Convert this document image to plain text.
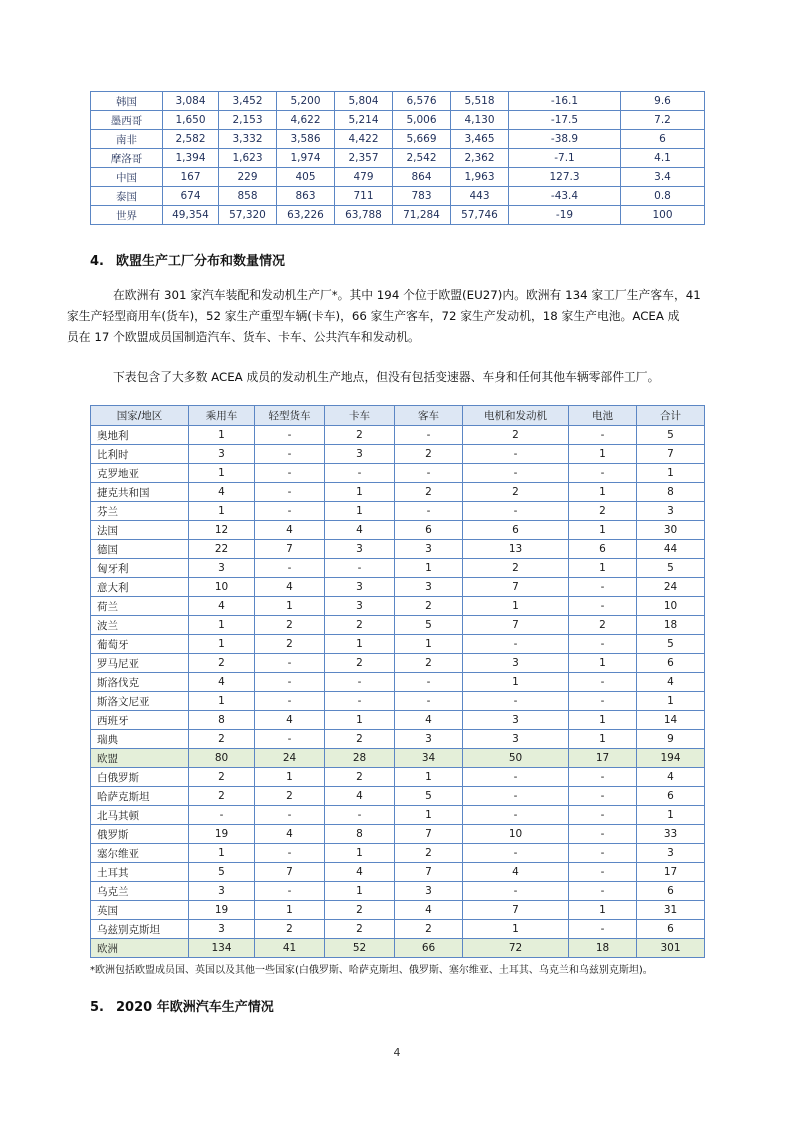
韩国	3,084	3,452	5,200	5,804	6,576	5,518	-16.1	9.6
墨西哥	1,650	2,153	4,622	5,214	5,006	4,130	-17.5	7.2
南非	2,582	3,332	3,586	4,422	5,669	3,465	-38.9	6
摩洛哥	1,394	1,623	1,974	2,357	2,542	2,362	-7.1	4.1
中国	167	229	405	479	864	1,963	127.3	3.4
泰国	674	858	863	711	783	443	-43.4	0.8
世界	49,354	57,320	63,226	63,788	71,284	57,746	-19	100
4. 欧盟生产工厂分布和数量情况
在欧洲有 301 家汽车装配和发动机生产厂*。其中 194 个位于欧盟(EU27)内。欧洲有 134 家工厂生产客车，41
家生产轻型商用车(货车)，52 家生产重型车辆(卡车)，66 家生产客车，72 家生产发动机，18 家生产电池。ACEA 成
员在 17 个欧盟成员国制造汽车、货车、卡车、公共汽车和发动机。
下表包含了大多数 ACEA 成员的发动机生产地点，但没有包括变速器、车身和任何其他车辆零部件工厂。
国家/地区	乘用车	轻型货车	卡车	客车	电机和发动机	电池	合计
奥地利	1	-	2	-	2	-	5
比利时	3	-	3	2	-	1	7
克罗地亚	1	-	-	-	-	-	1
捷克共和国	4	-	1	2	2	1	8
芬兰	1	-	1	-	-	2	3
法国	12	4	4	6	6	1	30
德国	22	7	3	3	13	6	44
匈牙利	3	-	-	1	2	1	5
意大利	10	4	3	3	7	-	24
荷兰	4	1	3	2	1	-	10
波兰	1	2	2	5	7	2	18
葡萄牙	1	2	1	1	-	-	5
罗马尼亚	2	-	2	2	3	1	6
斯洛伐克	4	-	-	-	1	-	4
斯洛文尼亚	1	-	-	-	-	-	1
西班牙	8	4	1	4	3	1	14
瑞典	2	-	2	3	3	1	9
欧盟	80	24	28	34	50	17	194
白俄罗斯	2	1	2	1	-	-	4
哈萨克斯坦	2	2	4	5	-	-	6
北马其顿	-	-	-	1	-	-	1
俄罗斯	19	4	8	7	10	-	33
塞尔维亚	1	-	1	2	-	-	3
土耳其	5	7	4	7	4	-	17
乌克兰	3	-	1	3	-	-	6
英国	19	1	2	4	7	1	31
乌兹别克斯坦	3	2	2	2	1	-	6
欧洲	134	41	52	66	72	18	301
*欧洲包括欧盟成员国、英国以及其他一些国家(白俄罗斯、哈萨克斯坦、俄罗斯、塞尔维亚、土耳其、乌克兰和乌兹别克斯坦)。
5. 2020 年欧洲汽车生产情况
4
